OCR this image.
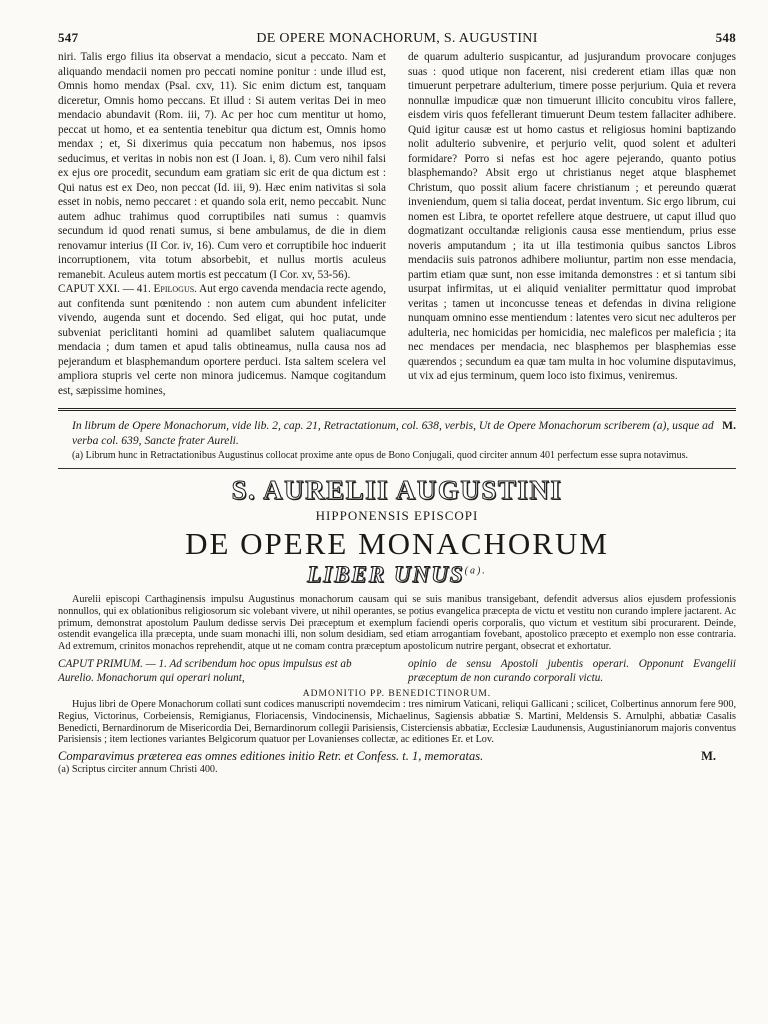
547	DE OPERE MONACHORUM, S. AUGUSTINI	548

niri. Talis ergo filius ita observat a mendacio, sicut a peccato. Nam et aliquando mendacii nomen pro peccati nomine ponitur : unde illud est, Omnis homo mendax (Psal. cxv, 11). Sic enim dictum est, tanquam diceretur, Omnis homo peccans. Et illud : Si autem veritas Dei in meo mendacio abundavit (Rom. iii, 7). Ac per hoc cum mentitur ut homo, peccat ut homo, et ea sententia tenebitur qua dictum est, Omnis homo mendax ; et, Si dixerimus quia peccatum non habemus, nos ipsos seducimus, et veritas in nobis non est (I Joan. i, 8). Cum vero nihil falsi ex ejus ore procedit, secundum eam gratiam sic erit de qua dictum est : Qui natus est ex Deo, non peccat (Id. iii, 9). Hæc enim nativitas si sola esset in nobis, nemo peccaret : et quando sola erit, nemo peccabit. Nunc autem adhuc trahimus quod corruptibiles nati sumus : quamvis secundum id quod renati sumus, si bene ambulamus, de die in diem renovamur interius (II Cor. iv, 16). Cum vero et corruptibile hoc induerit incorruptionem, vita totum absorbebit, et nullus mortis aculeus remanebit. Aculeus autem mortis est peccatum (I Cor. xv, 53-56).

CAPUT XXI. — 41. Epilogus. Aut ergo cavenda mendacia recte agendo, aut confitenda sunt pœnitendo : non autem cum abundent infeliciter vivendo, augenda sunt et docendo. Sed eligat, qui hoc putat, unde subveniat periclitanti homini ad quamlibet salutem qualiacumque mendacia ; dum tamen et apud talis obtineamus, nulla causa nos ad pejerandum et blasphemandum oportere perduci. Ista saltem scelera vel ampliora stupris vel certe non minora judicemus. Namque cogitandum est, sæpissime homines,

de quarum adulterio suspicantur, ad jusjurandum provocare conjuges suas : quod utique non facerent, nisi crederent etiam illas quæ non timuerunt perpetrare adulterium, timere posse perjurium. Quia et revera nonnullæ impudicæ quæ non timuerunt illicito concubitu viros fallere, eisdem viris quos fefellerant timuerunt Deum testem fallaciter adhibere. Quid igitur causæ est ut homo castus et religiosus homini baptizando nolit adulterio subvenire, et perjurio velit, quod solent et adulteri formidare? Porro si nefas est hoc agere pejerando, quanto potius blasphemando? Absit ergo ut christianus neget atque blasphemet Christum, quo possit alium facere christianum ; et pereundo quærat inveniendum, quem si talia doceat, perdat inventum. Sic ergo librum, cui nomen est Libra, te oportet refellere atque destruere, ut caput illud quo dogmatizant occultandæ religionis causa esse mentiendum, prius esse noveris amputandum ; ita ut illa testimonia quibus sanctos Libros mendaciis suis patronos adhibere moliuntur, partim non esse mendacia, partim etiam quæ sunt, non esse imitanda demonstres : et si tantum sibi usurpat infirmitas, ut ei aliquid venialiter permittatur quod improbat veritas ; tamen ut inconcusse teneas et defendas in divina religione nunquam omnino esse mentiendum : latentes vero sicut nec adulteros per adulteria, nec homicidas per homicidia, nec maleficos per maleficia ; ita nec mendaces per mendacia, nec blasphemos per blasphemias esse quærendos ; secundum ea quæ tam multa in hoc volumine disputavimus, ut vix ad ejus terminum, quem loco isto fiximus, veniremus.

M.
In librum de Opere Monachorum, vide lib. 2, cap. 21, Retractationum, col. 638, verbis, Ut de Opere Monachorum scriberem (a), usque ad verba col. 639, Sancte frater Aureli.
(a) Librum hunc in Retractationibus Augustinus collocat proxime ante opus de Bono Conjugali, quod circiter annum 401 perfectum esse supra notavimus.
S. AURELII AUGUSTINI
HIPPONENSIS EPISCOPI
DE OPERE MONACHORUM
LIBER $UNUS^{(a).}$
Aurelii episcopi Carthaginensis impulsu Augustinus monachorum causam qui se suis manibus transigebant, defendit adversus alios ejusdem professionis nonnullos, qui ex oblationibus religiosorum sic volebant vivere, ut nihil operantes, se potius evangelica præcepta de victu et vestitu non curando implere jactarent. Ac primum, demonstrat apostolum Paulum dedisse servis Dei præceptum et exemplum faciendi operis corporalis, quo victum et vestitum sibi procurarent. Deinde, ostendit evangelica illa præcepta, unde suam monachi illi, non solum desidiam, sed etiam arrogantiam fovebant, apostolico præcepto et exemplo non esse contraria. Ad extremum, crinitos monachos reprehendit, atque ut ne comam contra præceptum apostolicum nutrire pergant, obsecrat et exhortatur.
CAPUT PRIMUM. — 1. Ad scribendum hoc opus impulsus est ab Aurelio. Monachorum qui operari nolunt,
opinio de sensu Apostoli jubentis operari. Opponunt Evangelii præceptum de non curando corporali victu.
ADMONITIO PP. BENEDICTINORUM.
Hujus libri de Opere Monachorum collati sunt codices manuscripti novemdecim : tres nimirum Vaticani, reliqui Gallicani ; scilicet, Colbertinus annorum fere 900, Regius, Victorinus, Corbeiensis, Remigianus, Floriacensis, Vindocinensis, Michaelinus, Sagiensis abbatiæ S. Martini, Meldensis S. Arnulphi, abbatiæ Casalis Benedicti, Bernardinorum de Misericordia Dei, Bernardinorum collegii Parisiensis, Cisterciensis abbatiæ, Ecclesiæ Laudunensis, Augustinianorum majoris conventus Parisiensis ; item lectiones variantes Belgicorum quatuor per Lovanienses collectæ, ac editiones Er. et Lov.
Comparavimus præterea eas omnes editiones initio Retr. et Confess. t. 1, memoratas.	M.
(a) Scriptus circiter annum Christi 400.
